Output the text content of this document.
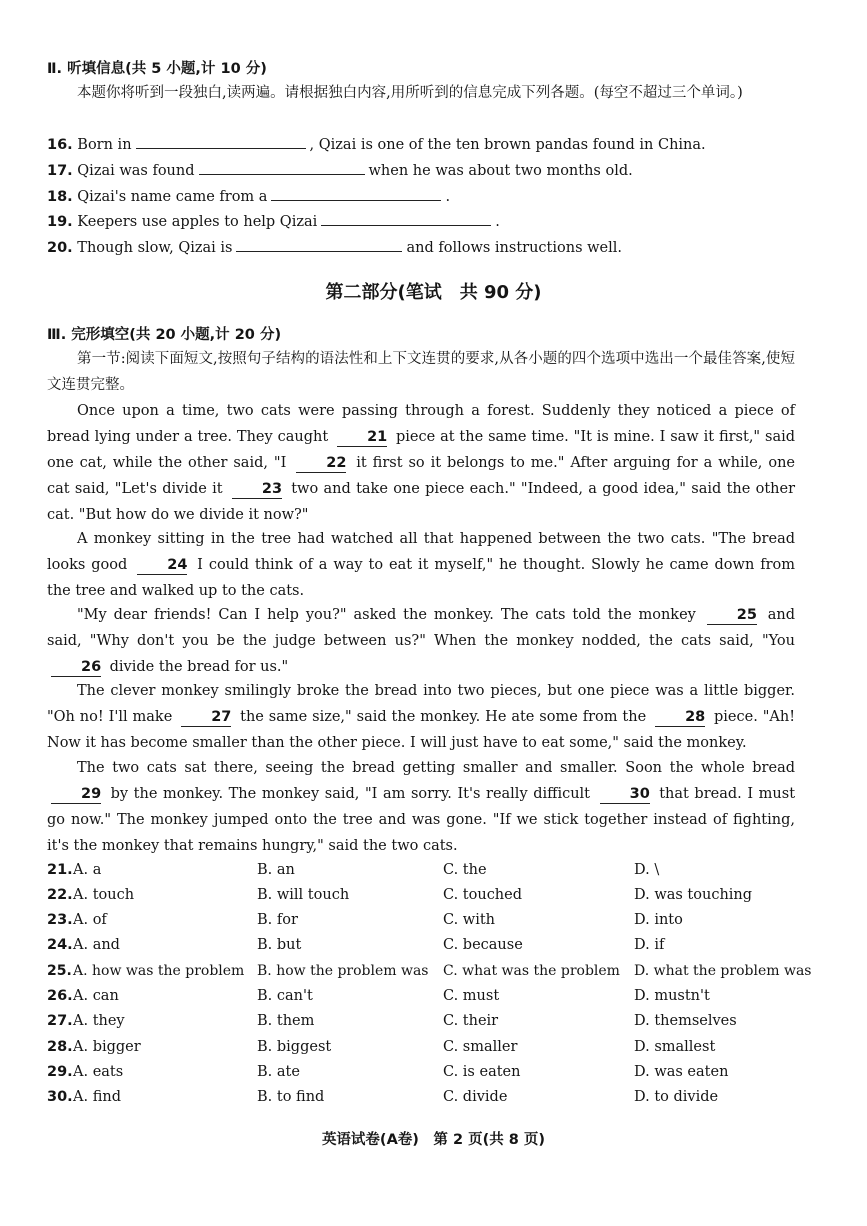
Ⅱ. 听填信息(共 5 小题,计 10 分)
本题你将听到一段独白,读两遍。请根据独白内容,用所听到的信息完成下列各题。(每空不超过三个单词。)
16. Born in	, Qizai is one of the ten brown pandas found in China.
17. Qizai was found	when he was about two months old.
18. Qizai's name came from a	.
19. Keepers use apples to help Qizai	.
20. Though slow, Qizai is	and follows instructions well.
第二部分(笔试　共 90 分)
Ⅲ. 完形填空(共 20 小题,计 20 分)
第一节:阅读下面短文,按照句子结构的语法性和上下文连贯的要求,从各小题的四个选项中选出一个最佳答案,使短文连贯完整。
Once upon a time, two cats were passing through a forest. Suddenly they noticed a piece of bread lying under a tree. They caught	21 piece at the same time. "It is mine. I saw it first," said one cat, while the other said, "I	22 it first so it belongs to me." After arguing for a while, one cat said, "Let's divide it	23 two and take one piece each." "Indeed, a good idea," said the other cat. "But how do we divide it now?"
A monkey sitting in the tree had watched all that happened between the two cats. "The bread looks good	24 I could think of a way to eat it myself," he thought. Slowly he came down from the tree and walked up to the cats.
"My dear friends! Can I help you?" asked the monkey. The cats told the monkey	25 and said, "Why don't you be the judge between us?" When the monkey nodded, the cats said, "You 26 divide the bread for us."
The clever monkey smilingly broke the bread into two pieces, but one piece was a little bigger. "Oh no! I'll make	27 the same size," said the monkey. He ate some from the	28 piece. "Ah! Now it has become smaller than the other piece. I will just have to eat some," said the monkey.
The two cats sat there, seeing the bread getting smaller and smaller. Soon the whole bread 29 by the monkey. The monkey said, "I am sorry. It's really difficult	30 that bread. I must go now." The monkey jumped onto the tree and was gone. "If we stick together instead of fighting, it's the monkey that remains hungry," said the two cats.
21. A. a	B. an	C. the	D. \
22. A. touch	B. will touch	C. touched	D. was touching
23. A. of	B. for	C. with	D. into
24. A. and	B. but	C. because	D. if
25. A. how was the problem B. how the problem was C. what was the problem D. what the problem was
26. A. can	B. can't	C. must	D. mustn't
27. A. they	B. them	C. their	D. themselves
28. A. bigger	B. biggest	C. smaller	D. smallest
29. A. eats	B. ate	C. is eaten	D. was eaten
30. A. find	B. to find	C. divide	D. to divide
英语试卷(A卷)　第 2 页(共 8 页)
